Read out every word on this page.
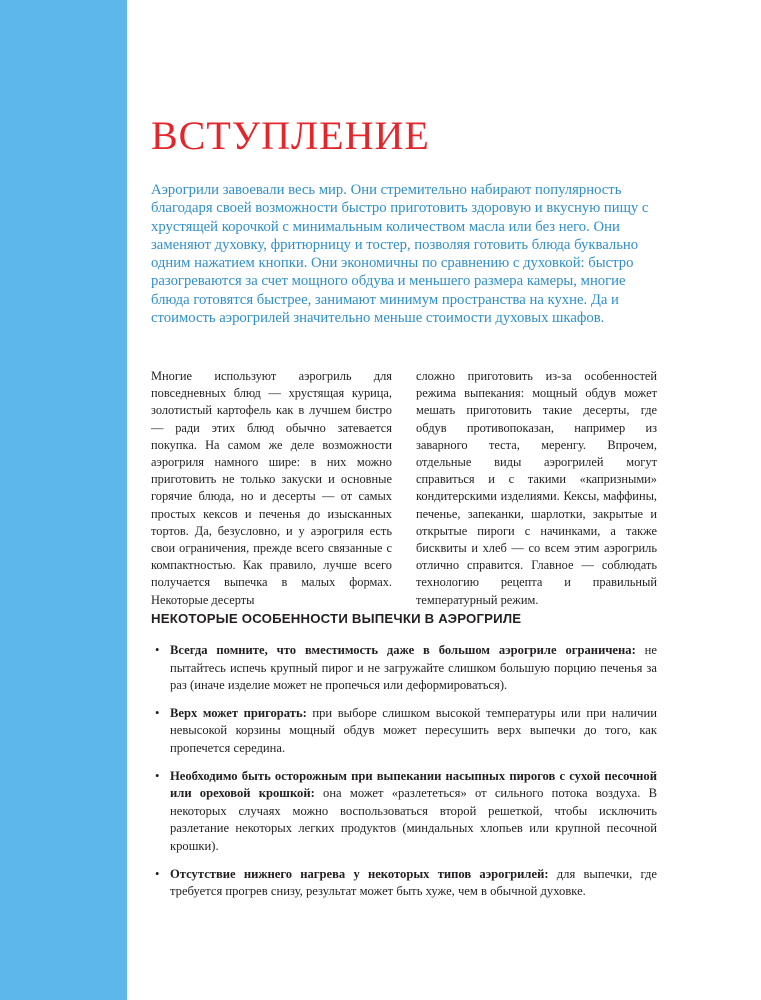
ВСТУПЛЕНИЕ

Аэрогрили завоевали весь мир. Они стремительно набирают популярность благодаря своей возможности быстро приготовить здоровую и вкусную пищу с хрустящей корочкой с минимальным количеством масла или без него. Они заменяют духовку, фритюрницу и тостер, позволяя готовить блюда буквально одним нажатием кнопки. Они экономичны по сравнению с духовкой: быстро разогреваются за счет мощного обдува и меньшего размера камеры, многие блюда готовятся быстрее, занимают минимум пространства на кухне. Да и стоимость аэрогрилей значительно меньше стоимости духовых шкафов.

Многие используют аэрогриль для повседневных блюд — хрустящая курица, золотистый картофель как в лучшем бистро — ради этих блюд обычно затевается покупка. На самом же деле возможности аэрогриля намного шире: в них можно приготовить не только закуски и основные горячие блюда, но и десерты — от самых простых кексов и печенья до изысканных тортов. Да, безусловно, и у аэрогриля есть свои ограничения, прежде всего связанные с компактностью. Как правило, лучше всего получается выпечка в малых формах. Некоторые десерты

сложно приготовить из-за особенностей режима выпекания: мощный обдув может мешать приготовить такие десерты, где обдув противопоказан, например из заварного теста, меренгу. Впрочем, отдельные виды аэрогрилей могут справиться и с такими «капризными» кондитерскими изделиями. Кексы, маффины, печенье, запеканки, шарлотки, закрытые и открытые пироги с начинками, а также бисквиты и хлеб — со всем этим аэрогриль отлично справится. Главное — соблюдать технологию рецепта и правильный температурный режим.

НЕКОТОРЫЕ ОСОБЕННОСТИ ВЫПЕЧКИ В АЭРОГРИЛЕ
• Всегда помните, что вместимость даже в большом аэрогриле ограничена: не пытайтесь испечь крупный пирог и не загружайте слишком большую порцию печенья за раз (иначе изделие может не пропечься или деформироваться).
• Верх может пригорать: при выборе слишком высокой температуры или при наличии невысокой корзины мощный обдув может пересушить верх выпечки до того, как пропечется середина.
• Необходимо быть осторожным при выпекании насыпных пирогов с сухой песочной или ореховой крошкой: она может «разлететься» от сильного потока воздуха. В некоторых случаях можно воспользоваться второй решеткой, чтобы исключить разлетание некоторых легких продуктов (миндальных хлопьев или крупной песочной крошки).
• Отсутствие нижнего нагрева у некоторых типов аэрогрилей: для выпечки, где требуется прогрев снизу, результат может быть хуже, чем в обычной духовке.
